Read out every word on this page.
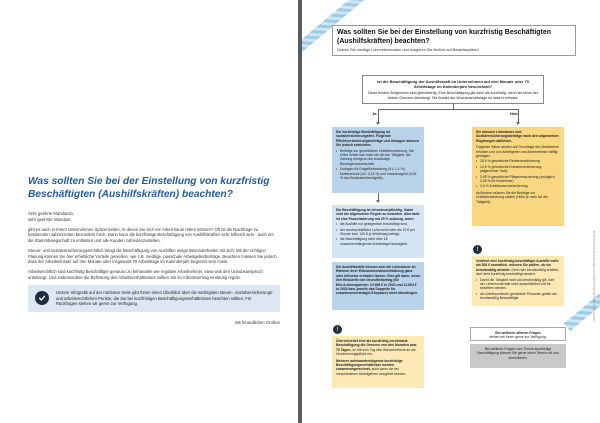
Was sollten Sie bei der Einstellung von kurzfristig Beschäftigten (Aushilfskräften) beachten?

Sehr geehrte Mandantin,
sehr geehrter Mandant,

gibt es auch in Ihrem Unternehmen Spitzenzeiten, in denen Sie sich vor Arbeit kaum retten können? Oft ist die Nachfrage zu bestimmten Jahreszeiten besonders hoch. Dann kann die kurzfristige Beschäftigung von Aushilfskräften sehr hilfreich sein - auch um die Stammbelegschaft zu entlasten und alle Kunden zufriedenzustellen.

Steuer- und sozialversicherungsrechtlich bringt die Beschäftigung von Aushilfen einige Besonderheiten mit sich: Mit der richtigen Planung können Sie hier erhebliche Vorteile genießen, wie z.B. niedrige, pauschale Arbeitgeberbeiträge. Beachten müssen Sie jedoch, dass der Arbeitseinsatz auf drei Monate oder insgesamt 70 Arbeitstage im Kalenderjahr begrenzt sein muss.

Arbeitsrechtlich sind kurzfristig Beschäftigte genauso zu behandeln wie reguläre Arbeitnehmer, etwa was den Urlaubsanspruch anbelangt. Und insbesondere die Befristung des Arbeitsverhältnisses sollten Sie im Arbeitsvertrag eindeutig regeln.

Unsere Infografik auf der nächsten Seite gibt Ihnen einen Überblick über die wichtigsten steuer-, sozialversicherungs- und arbeitsrechtlichen Punkte, die Sie bei kurzfristigen Beschäftigungsverhältnissen beachten sollten. Für Rückfragen stehen wir gerne zur Verfügung.

Mit freundlichen Grüßen

Was sollten Sie bei der Einstellung von kurzfristig Beschäftigten (Aushilfskräften) beachten?
Nutzen Sie niedrige Lohnnebenkosten und reagieren Sie flexibel auf Bedarfsspitzen!
Ist die Beschäftigung der Aushilfskraft im Unternehmen auf drei Monate oder 70 Arbeitstage im Kalenderjahr beschränkt?
Diese beiden Zeitgrenzen sind gleichwertig. Eine Beschäftigung gilt dann als kurzfristig, wenn sie keine der beiden Grenzen übersteigt. Die Anzahl der Wochenarbeitstage ist dabei irrelevant.
Ja	Nein
Die kurzfristige Beschäftigung ist sozialversicherungsfrei. Folgende Pflichtversicherungsbeiträge und Umlagen müssen Sie jedoch entrichten:
• Beiträge zur gesetzlichen Unfallversicherung. Die Höhe richtet sich nach der Art der Tätigkeit, der Zahlung erfolgt an die zuständige Berufsgenossenschaft.
• Umlagen für Entgeltfortzahlung (U1: 1,1 %), Mutterschutz (U2: 0,24 %) und Insolvenzgeld (0,06 % des Bruttoarbeitsentgelts).
Die Beschäftigung ist lohnsteuerpflichtig. Dabei sind die allgemeinen Regeln zu beachten. Alternativ ist eine Pauschalierung mit 25 % zulässig, wenn:
• die Aushilfe nur gelegentlich beschäftigt wird,
• der durchschnittliche Lohn nicht mehr als 15 € pro Stunde bzw. 120 € je Arbeitstag beträgt,
• die Beschäftigung nicht über 18 zusammenhängende Arbeitstage hinausgeht.
Die Aushilfskräfte können sich die Lohnsteuer im Rahmen ihrer Einkommensteuererklärung ganz oder teilweise erstatten lassen. Dies gilt dann, wenn ihre Einkünfte den Grundfreibetrag (für Ehe-/Lebenspartner: 10.908 € in 2023 und 11.604 € in 2024 bzw. jeweils das Doppelte für zusammenveranlagte Ehepaare) nicht übersteigen.
Sie müssen Lohnsteuer und Sozialversicherungsbeiträge nach den allgemeinen Regelungen abführen.
Folgende Sätze werden auf Grundlage des Bruttolohns erhoben und von Arbeitgeber und Arbeitnehmer hälftig getragen:
• 18,6 % gesetzliche Rentenversicherung
• 14,6 % gesetzliche Krankenversicherung (allgemeiner Satz)
• 3,05 % gesetzliche Pflegeversicherung (zuzüglich 0,35 % für Kinderlose)
• 2,6 % Arbeitslosenversicherung
Außerdem müssen Sie die Beiträge zur Unfallversicherung zahlen (Höhe je nach Art der Tätigkeit).
!
Verdient eine kurzfristig beschäftigte Aushilfe mehr als 520 € monatlich, müssen Sie prüfen, ob sie berufsmäßig arbeitet. Denn wer berufsmäßig arbeitet, darf nicht kurzfristig beschäftigt werden.
• Damit die Tätigkeit nicht als berufsmäßig gilt, darf der Lebensunterhalt nicht ausschließlich mit ihr bestritten werden.
• Als Arbeitsuchende gemeldete Personen gelten als berufsmäßig Beschäftigte.
!
Überschreitet eine als kurzfristig vereinbarte Beschäftigung die Grenzen von drei Monaten bzw. 70 Tagen, so tritt vom Tag des Überschreitens an die Versicherungspflicht ein.
Mehrere aufeinanderfolgende kurzfristige Beschäftigungsverhältnisse werden zusammengerechnet, auch wenn sie bei verschiedenen Arbeitgebern ausgeübt wurden.
Bei weiteren offenen Fragen
stehen wir Ihnen gerne zur Verfügung.
Bei weiteren Fragen zum Thema kurzfristige Beschäftigung können Sie gerne einen Termin mit uns vereinbaren.
Hinweis: Die Angaben sind ohne Gewähr und stellen keine Rechtsberatung dar.
